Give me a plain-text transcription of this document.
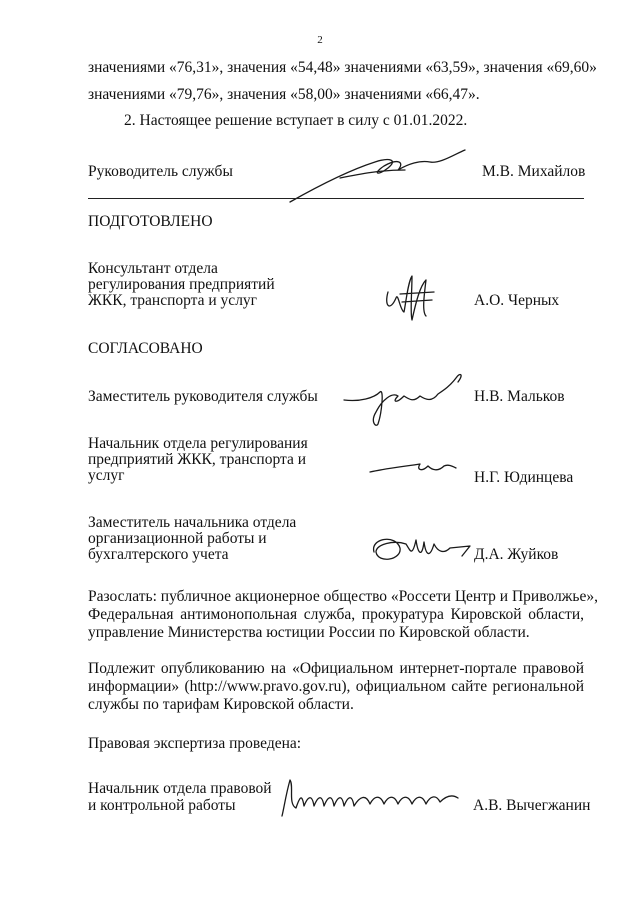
2
значениями «76,31», значения «54,48» значениями «63,59», значения «69,60»
значениями «79,76», значения «58,00» значениями «66,47».
2. Настоящее решение вступает в силу с 01.01.2022.
Руководитель службы	М.В. Михайлов
ПОДГОТОВЛЕНО
Консультант отдела
регулирования предприятий
ЖКК, транспорта и услуг	А.О. Черных
СОГЛАСОВАНО
Заместитель руководителя службы	Н.В. Мальков
Начальник отдела регулирования
предприятий ЖКК, транспорта и
услуг	Н.Г. Юдинцева
Заместитель начальника отдела
организационной работы и
бухгалтерского учета	Д.А. Жуйков
Разослать: публичное акционерное общество «Россети Центр и Приволжье»,
Федеральная антимонопольная служба, прокуратура Кировской области,
управление Министерства юстиции России по Кировской области.
Подлежит опубликованию на «Официальном интернет-портале правовой
информации» (http://www.pravo.gov.ru), официальном сайте региональной
службы по тарифам Кировской области.
Правовая экспертиза проведена:
Начальник отдела правовой
и контрольной работы	А.В. Вычегжанин
